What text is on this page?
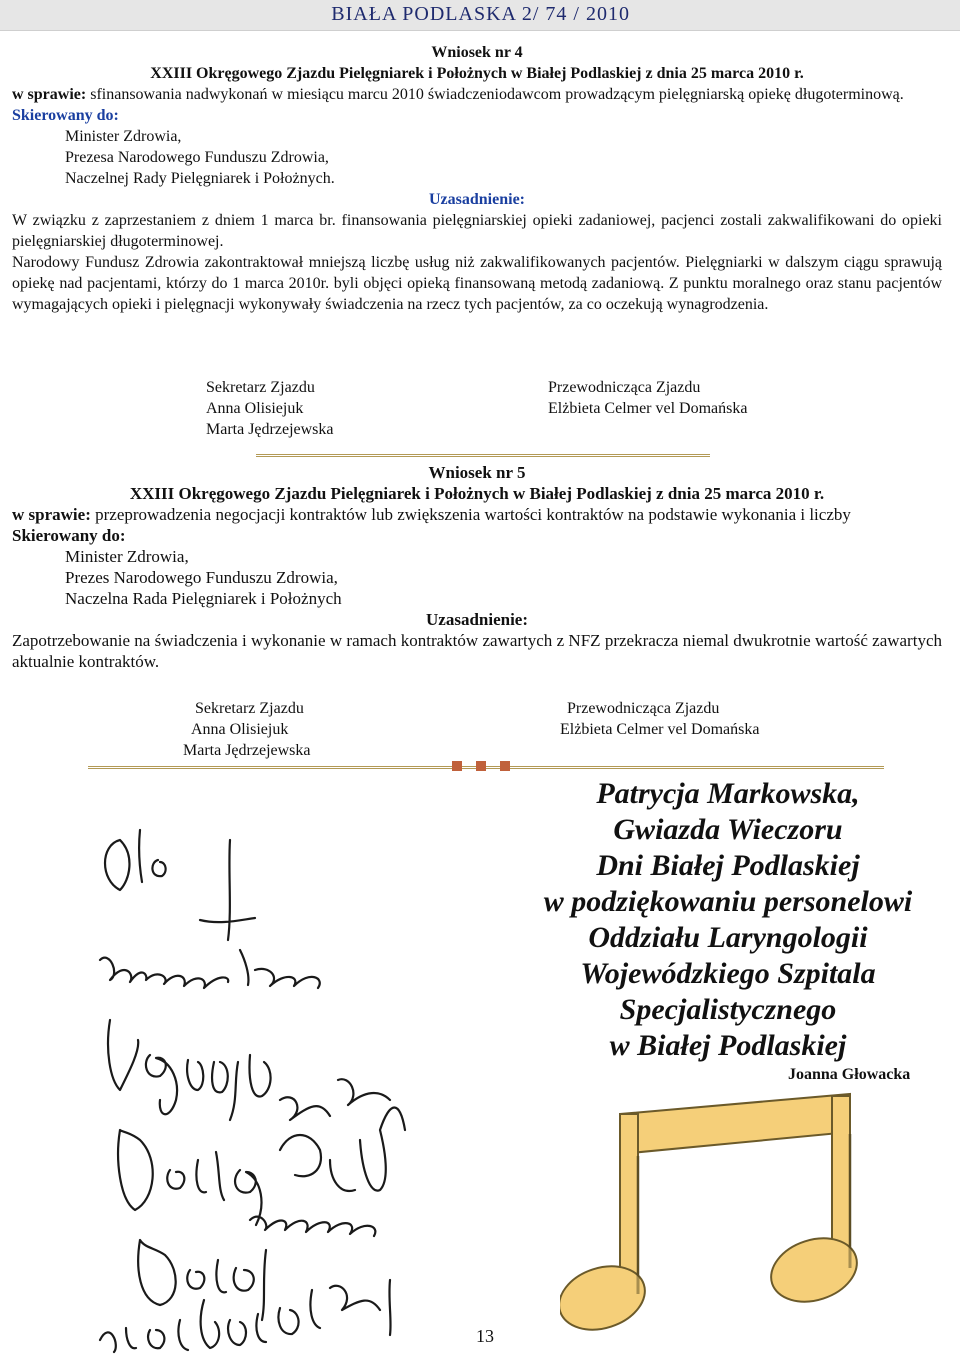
BIAŁA PODLASKA 2/ 74 / 2010
Wniosek nr 4
XXIII Okręgowego Zjazdu Pielęgniarek i Położnych w Białej Podlaskiej z dnia 25 marca 2010 r.

w sprawie: sfinansowania nadwykonań w miesiącu marcu 2010 świadczeniodawcom prowadzącym pielęgniarską opiekę długoterminową.

Skierowany do:
Minister Zdrowia,
Prezesa Narodowego Funduszu Zdrowia,
Naczelnej Rady Pielęgniarek i Położnych.
Uzasadnienie:

W związku z zaprzestaniem z dniem 1 marca br. finansowania pielęgniarskiej opieki zadaniowej, pacjenci zostali zakwalifikowani do opieki pielęgniarskiej długoterminowej.

Narodowy Fundusz Zdrowia zakontraktował mniejszą liczbę usług niż zakwalifikowanych pacjentów. Pielęgniarki w dalszym ciągu sprawują opiekę nad pacjentami, którzy do 1 marca 2010r. byli objęci opieką finansowaną metodą zadaniową. Z punktu moralnego oraz stanu pacjentów wymagających opieki i pielęgnacji wykonywały świadczenia na rzecz tych pacjentów, za co oczekują wynagrodzenia.

Sekretarz Zjazdu
Anna Olisiejuk
Marta Jędrzejewska
Przewodnicząca Zjazdu
Elżbieta Celmer vel Domańska
Wniosek nr 5
XXIII Okręgowego Zjazdu Pielęgniarek i Położnych w Białej Podlaskiej z dnia 25 marca 2010 r.

w sprawie: przeprowadzenia negocjacji kontraktów lub zwiększenia wartości kontraktów na podstawie wykonania i liczby

Skierowany do:
Minister Zdrowia,
Prezes Narodowego Funduszu Zdrowia,
Naczelna Rada Pielęgniarek i Położnych
Uzasadnienie:

Zapotrzebowanie na świadczenia i wykonanie w ramach kontraktów zawartych z NFZ przekracza niemal dwukrotnie wartość zawartych aktualnie kontraktów.

Sekretarz Zjazdu
Anna Olisiejuk
Marta Jędrzejewska
Przewodnicząca Zjazdu
Elżbieta Celmer vel Domańska
Patrycja Markowska,
Gwiazda Wieczoru
Dni Białej Podlaskiej
w podziękowaniu personelowi
Oddziału Laryngologii
Wojewódzkiego Szpitala
Specjalistycznego
w Białej Podlaskiej
Joanna Głowacka
13
